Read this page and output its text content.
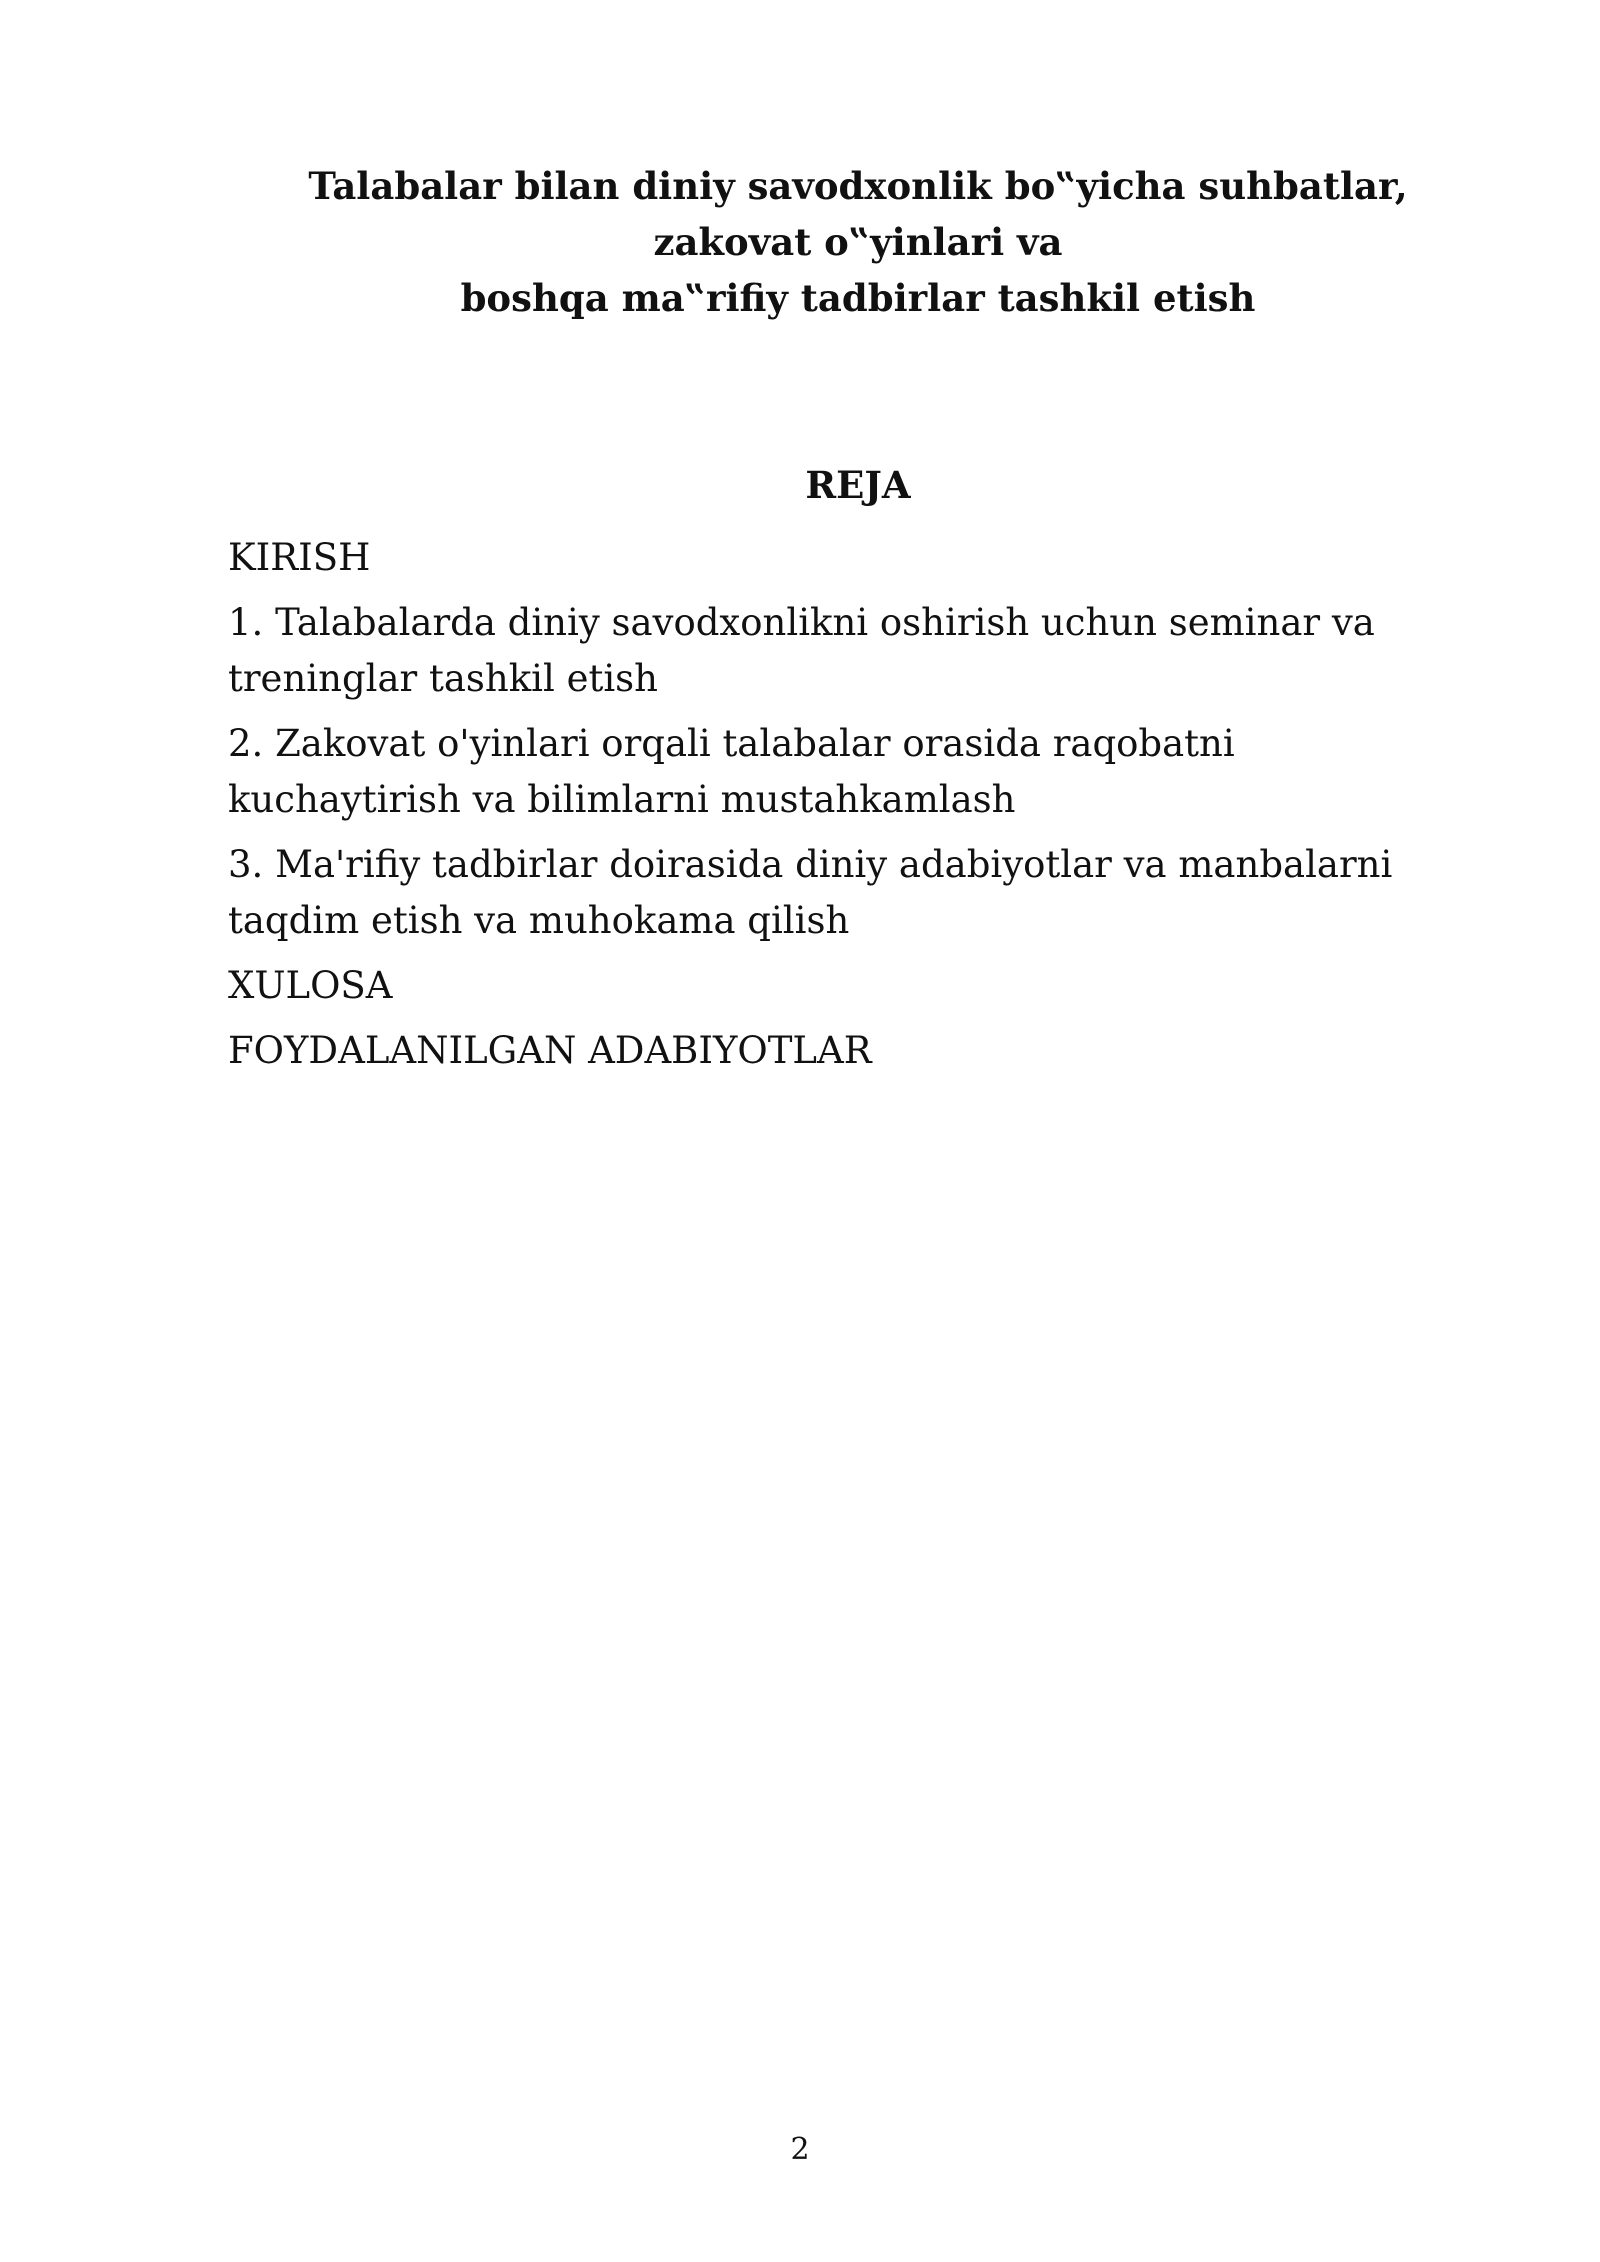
Talabalar bilan diniy savodxonlik bo‟yicha suhbatlar,
zakovat o‟yinlari va
boshqa ma‟rifiy tadbirlar tashkil etish
REJA
KIRISH
1. Talabalarda diniy savodxonlikni oshirish uchun seminar va
treninglar tashkil etish
2. Zakovat o'yinlari orqali talabalar orasida raqobatni
kuchaytirish va bilimlarni mustahkamlash
3. Ma'rifiy tadbirlar doirasida diniy adabiyotlar va manbalarni
taqdim etish va muhokama qilish
XULOSA
FOYDALANILGAN ADABIYOTLAR
2
